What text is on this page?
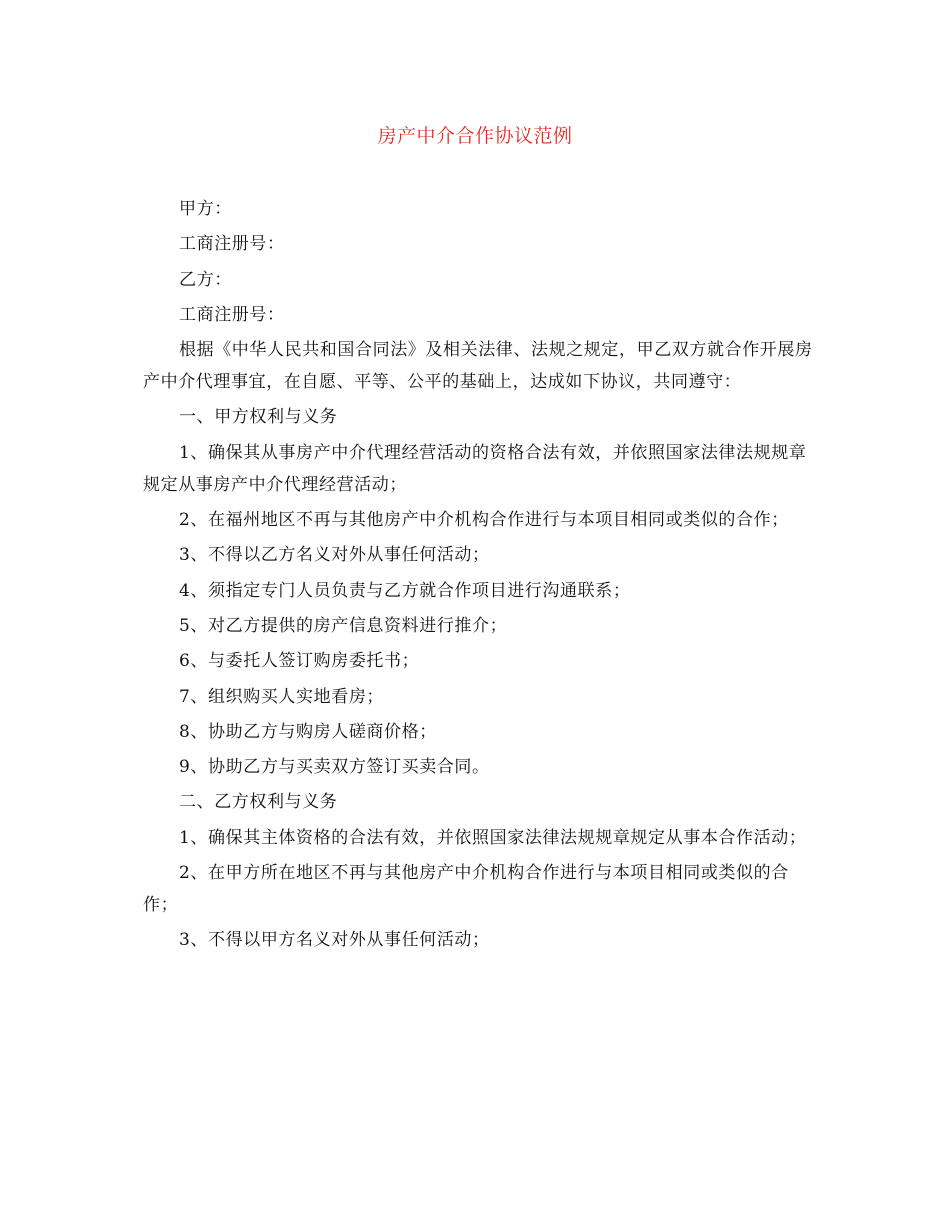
房产中介合作协议范例

甲方：

工商注册号：

乙方：

工商注册号：

根据《中华人民共和国合同法》及相关法律、法规之规定，甲乙双方就合作开展房产中介代理事宜，在自愿、平等、公平的基础上，达成如下协议，共同遵守：

一、甲方权利与义务

1、确保其从事房产中介代理经营活动的资格合法有效，并依照国家法律法规规章规定从事房产中介代理经营活动；

2、在福州地区不再与其他房产中介机构合作进行与本项目相同或类似的合作；

3、不得以乙方名义对外从事任何活动；

4、须指定专门人员负责与乙方就合作项目进行沟通联系；

5、对乙方提供的房产信息资料进行推介；

6、与委托人签订购房委托书；

7、组织购买人实地看房；

8、协助乙方与购房人磋商价格；

9、协助乙方与买卖双方签订买卖合同。

二、乙方权利与义务

1、确保其主体资格的合法有效，并依照国家法律法规规章规定从事本合作活动；

2、在甲方所在地区不再与其他房产中介机构合作进行与本项目相同或类似的合作；

3、不得以甲方名义对外从事任何活动；
